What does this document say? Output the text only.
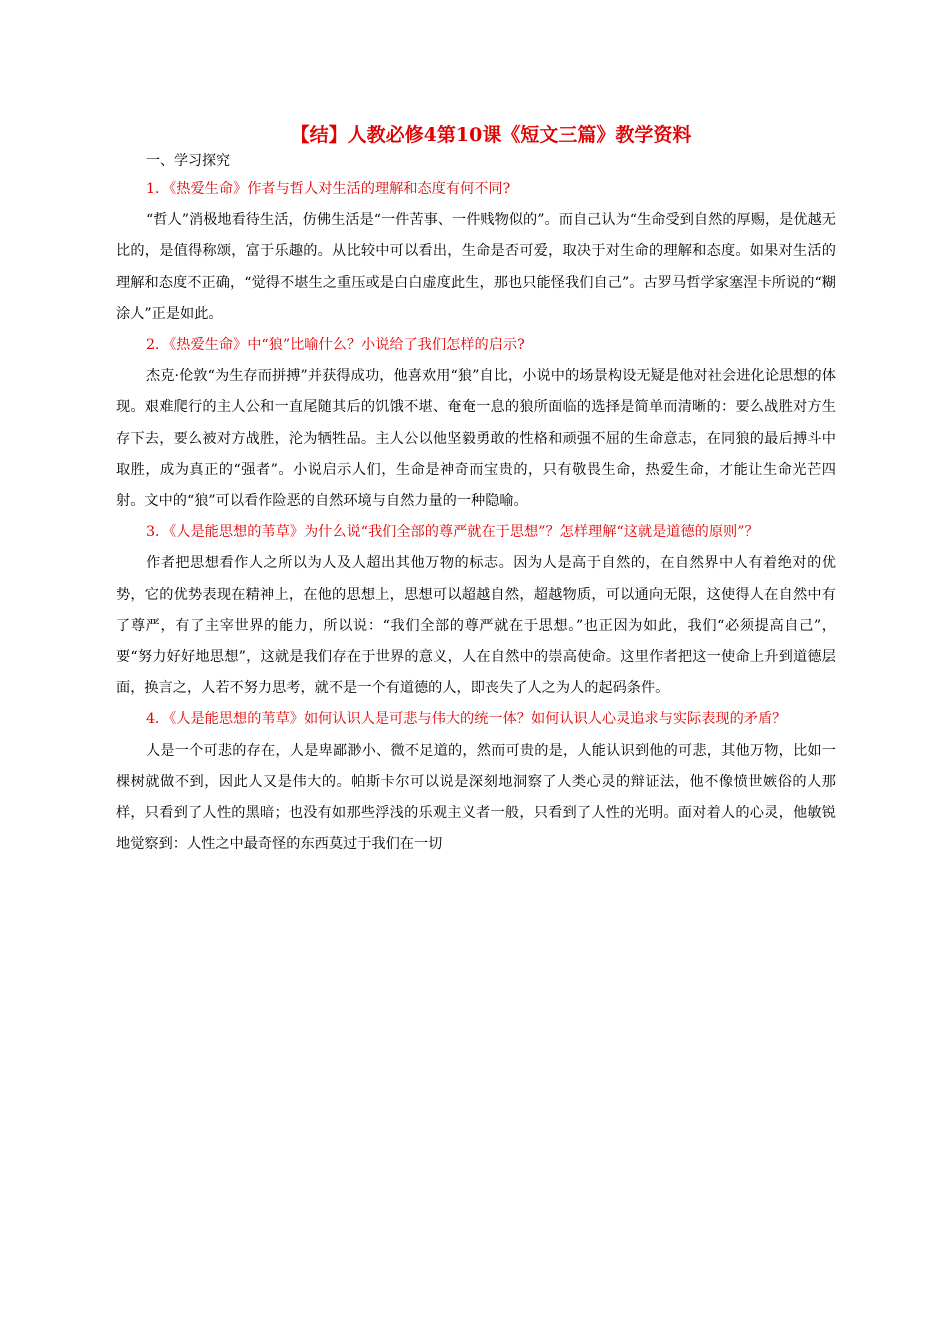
【结】人教必修4第10课《短文三篇》教学资料
一、学习探究

1．《热爱生命》作者与哲人对生活的理解和态度有何不同?

“哲人”消极地看待生活，仿佛生活是“一件苦事、一件贱物似的”。而自己认为“生命受到自然的厚赐，是优越无比的，是值得称颂，富于乐趣的。从比较中可以看出，生命是否可爱，取决于对生命的理解和态度。如果对生活的理解和态度不正确，“觉得不堪生之重压或是白白虚度此生，那也只能怪我们自己”。古罗马哲学家塞涅卡所说的“糊涂人”正是如此。

2．《热爱生命》中“狼”比喻什么？小说给了我们怎样的启示?

杰克·伦敦“为生存而拼搏”并获得成功，他喜欢用“狼”自比，小说中的场景构设无疑是他对社会进化论思想的体现。艰难爬行的主人公和一直尾随其后的饥饿不堪、奄奄一息的狼所面临的选择是简单而清晰的：要么战胜对方生存下去，要么被对方战胜，沦为牺牲品。主人公以他坚毅勇敢的性格和顽强不屈的生命意志，在同狼的最后搏斗中取胜，成为真正的“强者”。小说启示人们，生命是神奇而宝贵的，只有敬畏生命，热爱生命，才能让生命光芒四射。文中的“狼”可以看作险恶的自然环境与自然力量的一种隐喻。

3．《人是能思想的苇草》为什么说“我们全部的尊严就在于思想”？怎样理解“这就是道德的原则”？

作者把思想看作人之所以为人及人超出其他万物的标志。因为人是高于自然的，在自然界中人有着绝对的优势，它的优势表现在精神上，在他的思想上，思想可以超越自然，超越物质，可以通向无限，这使得人在自然中有了尊严，有了主宰世界的能力，所以说：“我们全部的尊严就在于思想。”也正因为如此，我们“必须提高自己”，要“努力好好地思想”，这就是我们存在于世界的意义，人在自然中的崇高使命。这里作者把这一使命上升到道德层面，换言之，人若不努力思考，就不是一个有道德的人，即丧失了人之为人的起码条件。

4．《人是能思想的苇草》如何认识人是可悲与伟大的统一体？如何认识人心灵追求与实际表现的矛盾？

人是一个可悲的存在，人是卑鄙渺小、微不足道的，然而可贵的是，人能认识到他的可悲，其他万物，比如一棵树就做不到，因此人又是伟大的。帕斯卡尔可以说是深刻地洞察了人类心灵的辩证法，他不像愤世嫉俗的人那样，只看到了人性的黑暗；也没有如那些浮浅的乐观主义者一般，只看到了人性的光明。面对着人的心灵，他敏锐地觉察到：人性之中最奇怪的东西莫过于我们在一切
